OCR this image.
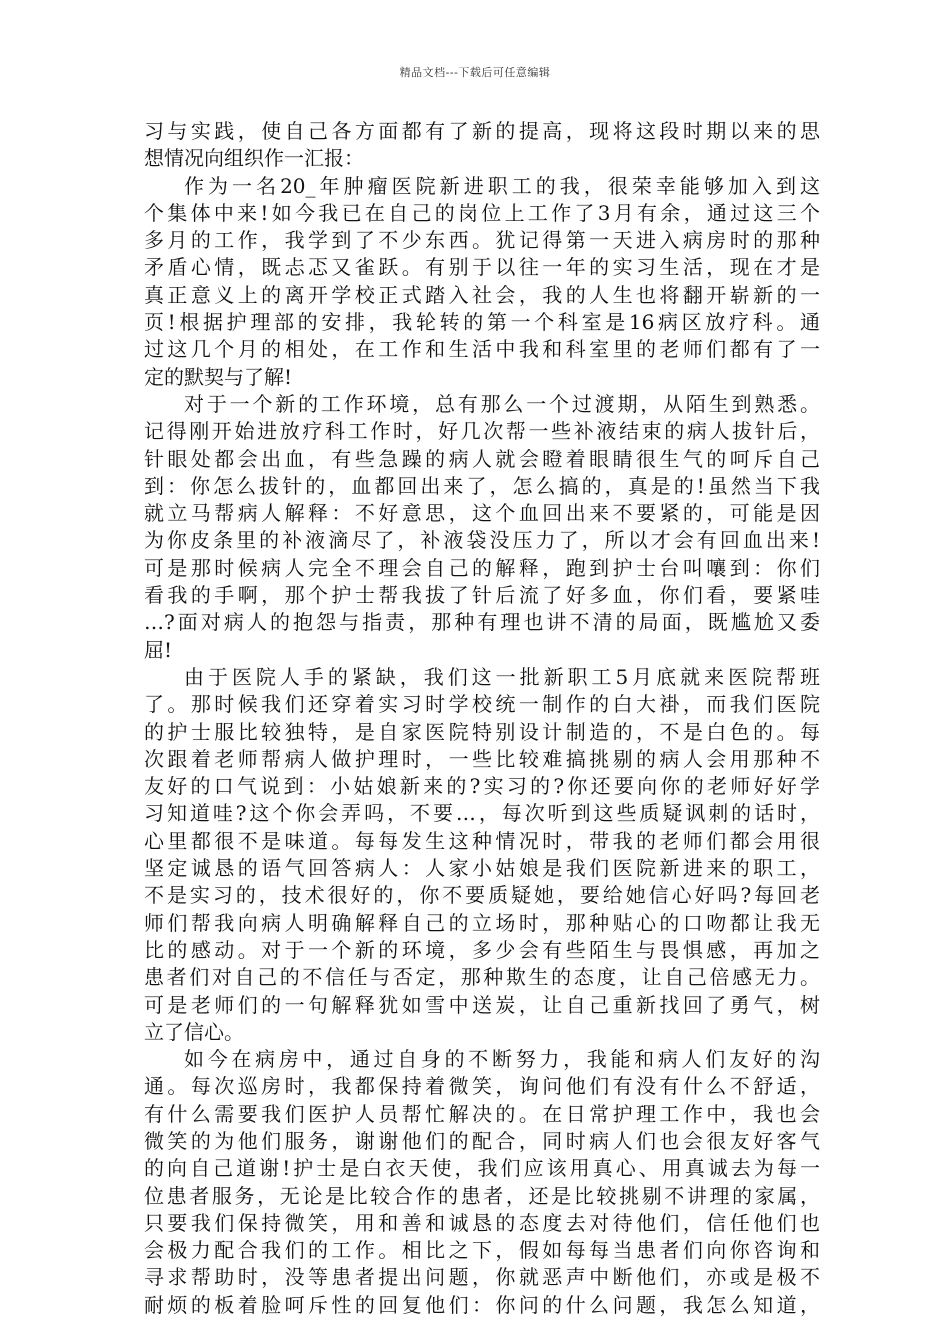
精品文档---下载后可任意编辑
习与实践，使自己各方面都有了新的提高，现将这段时期以来的思
想情况向组织作一汇报：
作为一名20_年肿瘤医院新进职工的我，很荣幸能够加入到这
个集体中来!如今我已在自己的岗位上工作了3月有余，通过这三个
多月的工作，我学到了不少东西。犹记得第一天进入病房时的那种
矛盾心情，既忐忑又雀跃。有别于以往一年的实习生活，现在才是
真正意义上的离开学校正式踏入社会，我的人生也将翻开崭新的一
页!根据护理部的安排，我轮转的第一个科室是16病区放疗科。通
过这几个月的相处，在工作和生活中我和科室里的老师们都有了一
定的默契与了解!
对于一个新的工作环境，总有那么一个过渡期，从陌生到熟悉。
记得刚开始进放疗科工作时，好几次帮一些补液结束的病人拔针后，
针眼处都会出血，有些急躁的病人就会瞪着眼睛很生气的呵斥自己
到：你怎么拔针的，血都回出来了，怎么搞的，真是的!虽然当下我
就立马帮病人解释：不好意思，这个血回出来不要紧的，可能是因
为你皮条里的补液滴尽了，补液袋没压力了，所以才会有回血出来!
可是那时候病人完全不理会自己的解释，跑到护士台叫嚷到：你们
看我的手啊，那个护士帮我拔了针后流了好多血，你们看，要紧哇
…?面对病人的抱怨与指责，那种有理也讲不清的局面，既尴尬又委
屈!
由于医院人手的紧缺，我们这一批新职工5月底就来医院帮班
了。那时候我们还穿着实习时学校统一制作的白大褂，而我们医院
的护士服比较独特，是自家医院特别设计制造的，不是白色的。每
次跟着老师帮病人做护理时，一些比较难搞挑剔的病人会用那种不
友好的口气说到：小姑娘新来的?实习的?你还要向你的老师好好学
习知道哇?这个你会弄吗，不要…，每次听到这些质疑讽刺的话时，
心里都很不是味道。每每发生这种情况时，带我的老师们都会用很
坚定诚恳的语气回答病人：人家小姑娘是我们医院新进来的职工，
不是实习的，技术很好的，你不要质疑她，要给她信心好吗?每回老
师们帮我向病人明确解释自己的立场时，那种贴心的口吻都让我无
比的感动。对于一个新的环境，多少会有些陌生与畏惧感，再加之
患者们对自己的不信任与否定，那种欺生的态度，让自己倍感无力。
可是老师们的一句解释犹如雪中送炭，让自己重新找回了勇气，树
立了信心。
如今在病房中，通过自身的不断努力，我能和病人们友好的沟
通。每次巡房时，我都保持着微笑，询问他们有没有什么不舒适，
有什么需要我们医护人员帮忙解决的。在日常护理工作中，我也会
微笑的为他们服务，谢谢他们的配合，同时病人们也会很友好客气
的向自己道谢!护士是白衣天使，我们应该用真心、用真诚去为每一
位患者服务，无论是比较合作的患者，还是比较挑剔不讲理的家属，
只要我们保持微笑，用和善和诚恳的态度去对待他们，信任他们也
会极力配合我们的工作。相比之下，假如每每当患者们向你咨询和
寻求帮助时，没等患者提出问题，你就恶声中断他们，亦或是极不
耐烦的板着脸呵斥性的回复他们：你问的什么问题，我怎么知道，
